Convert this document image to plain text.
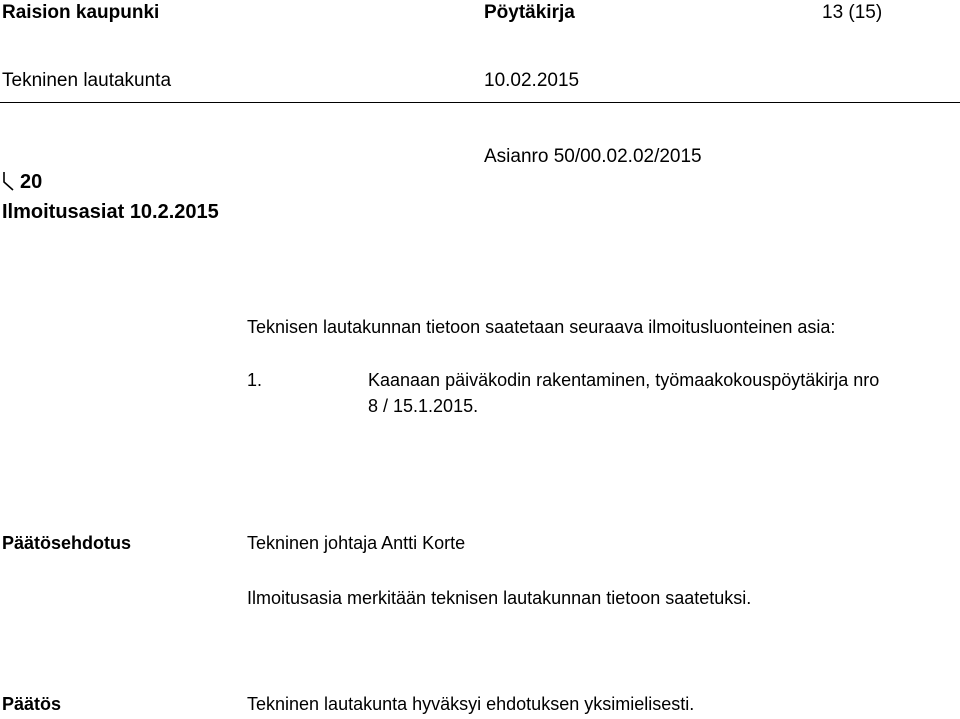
Raision kaupunki	Pöytäkirja	13 (15)
Tekninen lautakunta	10.02.2015
Asianro 50/00.02.02/2015
20
Ilmoitusasiat 10.2.2015
Teknisen lautakunnan tietoon saatetaan seuraava ilmoitusluonteinen asia:
1.	Kaanaan päiväkodin rakentaminen, työmaakokouspöytäkirja nro
8 / 15.1.2015.
Päätösehdotus	Tekninen johtaja Antti Korte
Ilmoitusasia merkitään teknisen lautakunnan tietoon saatetuksi.
Päätös	Tekninen lautakunta hyväksyi ehdotuksen yksimielisesti.
